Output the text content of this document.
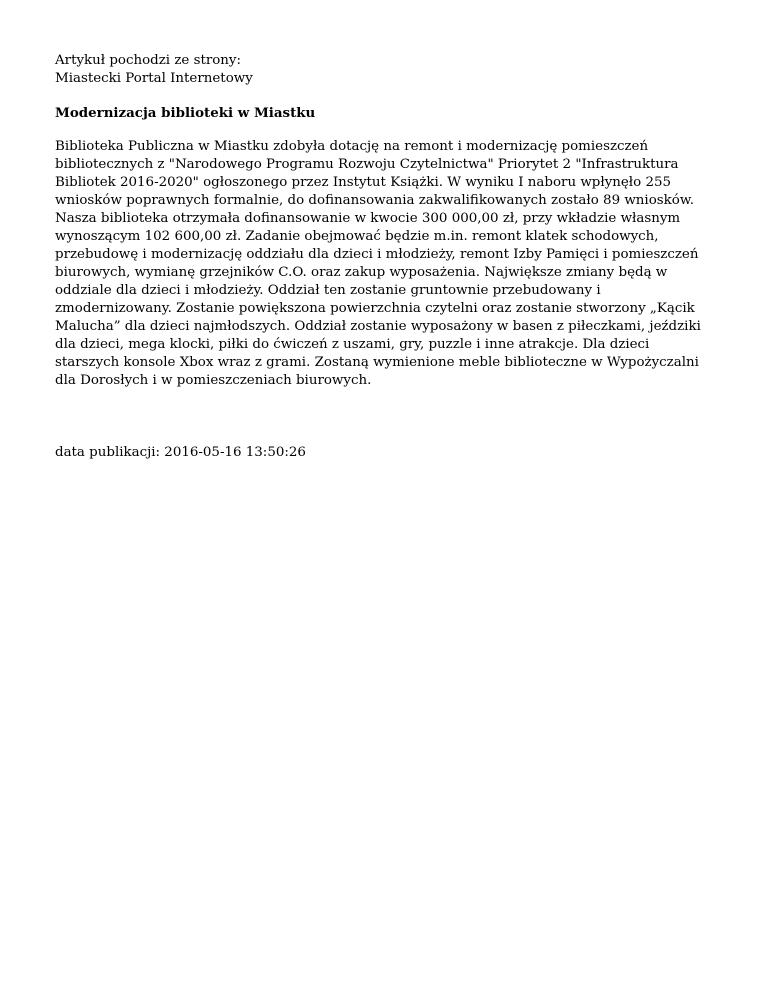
Artykuł pochodzi ze strony:
Miastecki Portal Internetowy
Modernizacja biblioteki w Miastku
Biblioteka Publiczna w Miastku zdobyła dotację na remont i modernizację pomieszczeń bibliotecznych z "Narodowego Programu Rozwoju Czytelnictwa" Priorytet 2 "Infrastruktura Bibliotek 2016-2020" ogłoszonego przez Instytut Książki. W wyniku I naboru wpłynęło 255 wniosków poprawnych formalnie, do dofinansowania zakwalifikowanych zostało 89 wniosków. Nasza biblioteka otrzymała dofinansowanie w kwocie 300 000,00 zł, przy wkładzie własnym wynoszącym 102 600,00 zł. Zadanie obejmować będzie m.in. remont klatek schodowych, przebudowę i modernizację oddziału dla dzieci i młodzieży, remont Izby Pamięci i pomieszczeń biurowych, wymianę grzejników C.O. oraz zakup wyposażenia. Największe zmiany będą w oddziale dla dzieci i młodzieży. Oddział ten zostanie gruntownie przebudowany i zmodernizowany. Zostanie powiększona powierzchnia czytelni oraz zostanie stworzony „Kącik Malucha” dla dzieci najmłodszych. Oddział zostanie wyposażony w basen z piłeczkami, jeździki dla dzieci, mega klocki, piłki do ćwiczeń z uszami, gry, puzzle i inne atrakcje. Dla dzieci starszych konsole Xbox wraz z grami. Zostaną wymienione meble biblioteczne w Wypożyczalni dla Dorosłych i w pomieszczeniach biurowych.
data publikacji: 2016-05-16 13:50:26
